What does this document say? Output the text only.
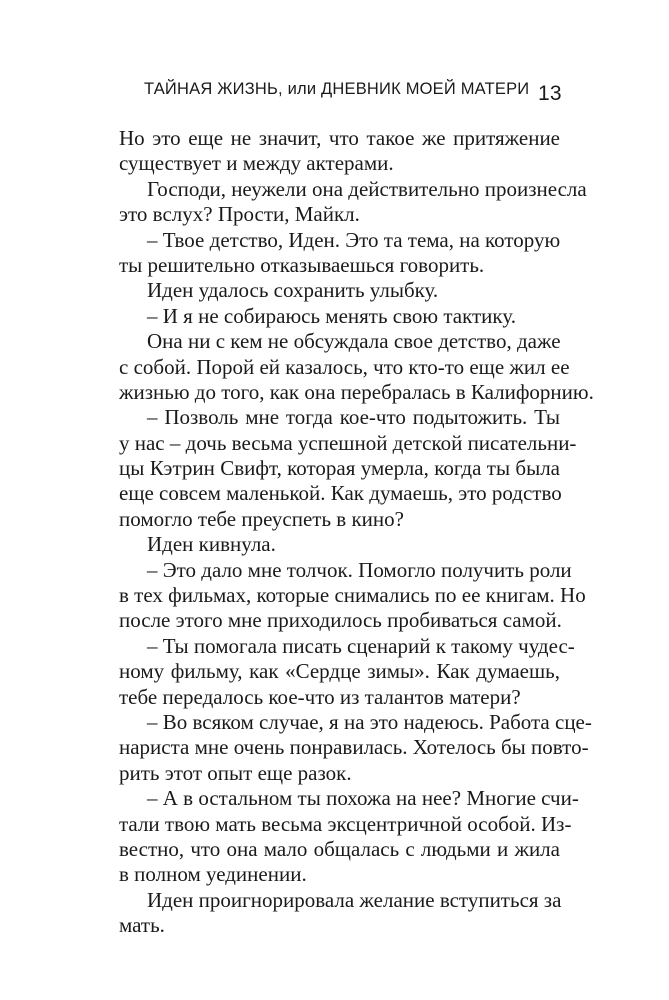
ТАЙНАЯ ЖИЗНЬ, или ДНЕВНИК МОЕЙ МАТЕРИ 13
Но это еще не значит, что такое же притяжение
существует и между актерами.
Господи, неужели она действительно произнесла
это вслух? Прости, Майкл.
– Твое детство, Иден. Это та тема, на которую
ты решительно отказываешься говорить.
Иден удалось сохранить улыбку.
– И я не собираюсь менять свою тактику.
Она ни с кем не обсуждала свое детство, даже
с собой. Порой ей казалось, что кто-то еще жил ее
жизнью до того, как она перебралась в Калифорнию.
– Позволь мне тогда кое-что подытожить. Ты
у нас – дочь весьма успешной детской писательни-
цы Кэтрин Свифт, которая умерла, когда ты была
еще совсем маленькой. Как думаешь, это родство
помогло тебе преуспеть в кино?
Иден кивнула.
– Это дало мне толчок. Помогло получить роли
в тех фильмах, которые снимались по ее книгам. Но
после этого мне приходилось пробиваться самой.
– Ты помогала писать сценарий к такому чудес-
ному фильму, как «Сердце зимы». Как думаешь,
тебе передалось кое-что из талантов матери?
– Во всяком случае, я на это надеюсь. Работа сце-
нариста мне очень понравилась. Хотелось бы повто-
рить этот опыт еще разок.
– А в остальном ты похожа на нее? Многие счи-
тали твою мать весьма эксцентричной особой. Из-
вестно, что она мало общалась с людьми и жила
в полном уединении.
Иден проигнорировала желание вступиться за
мать.
